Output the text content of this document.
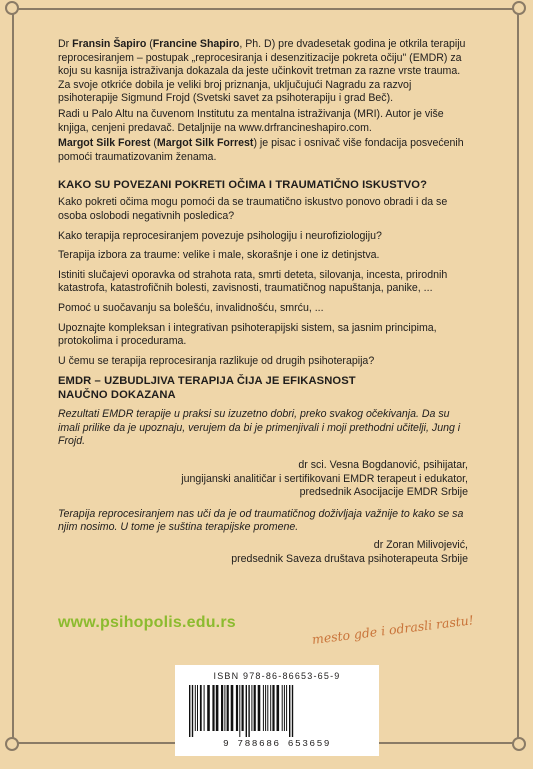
Dr Fransin Šapiro (Francine Shapiro, Ph. D) pre dvadesetak godina je otkrila terapiju reprocesiranjem – postupak „reprocesiranja i desenzitizacije pokreta očiju" (EMDR) za koju su kasnija istraživanja dokazala da jeste učinkovit tretman za razne vrste trauma. Za svoje otkriće dobila je veliki broj priznanja, uključujući Nagradu za razvoj psihoterapije Sigmund Frojd (Svetski savet za psihoterapiju i grad Beč).

Radi u Palo Altu na čuvenom Institutu za mentalna istraživanja (MRI). Autor je više knjiga, cenjeni predavač. Detaljnije na www.drfrancineshapiro.com.

Margot Silk Forest (Margot Silk Forrest) je pisac i osnivač više fondacija posvećenih pomoći traumatizovanim ženama.

KAKO SU POVEZANI POKRETI OČIMA I TRAUMATIČNO ISKUSTVO?

Kako pokreti očima mogu pomoći da se traumatično iskustvo ponovo obradi i da se osoba oslobodi negativnih posledica?

Kako terapija reprocesiranjem povezuje psihologiju i neurofiziologiju?

Terapija izbora za traume: velike i male, skorašnje i one iz detinjstva.

Istiniti slučajevi oporavka od strahota rata, smrti deteta, silovanja, incesta, prirodnih katastrofa, katastrofičnih bolesti, zavisnosti, traumatičnog napuštanja, panike, ...

Pomoć u suočavanju sa bolešću, invalidnošću, smrću, ...

Upoznajte kompleksan i integrativan psihoterapijski sistem, sa jasnim principima, protokolima i procedurama.

U čemu se terapija reprocesiranja razlikuje od drugih psihoterapija?

EMDR – UZBUDLJIVA TERAPIJA ČIJA JE EFIKASNOST
NAUČNO DOKAZANA

Rezultati EMDR terapije u praksi su izuzetno dobri, preko svakog očekivanja. Da su imali prilike da je upoznaju, verujem da bi je primenjivali i moji prethodni učitelji, Jung i Frojd.

dr sci. Vesna Bogdanović, psihijatar,
jungijanski analitičar i sertifikovani EMDR terapeut i edukator,
predsednik Asocijacije EMDR Srbije

Terapija reprocesiranjem nas uči da je od traumatičnog doživljaja važnije to kako se sa njim nosimo. U tome je suština terapijske promene.

dr Zoran Milivojević,
predsednik Saveza društava psihoterapeuta Srbije
www.psihopolis.edu.rs	mesto gde i odrasli rastu!
ISBN 978-86-86653-65-9
9 788686 653659
